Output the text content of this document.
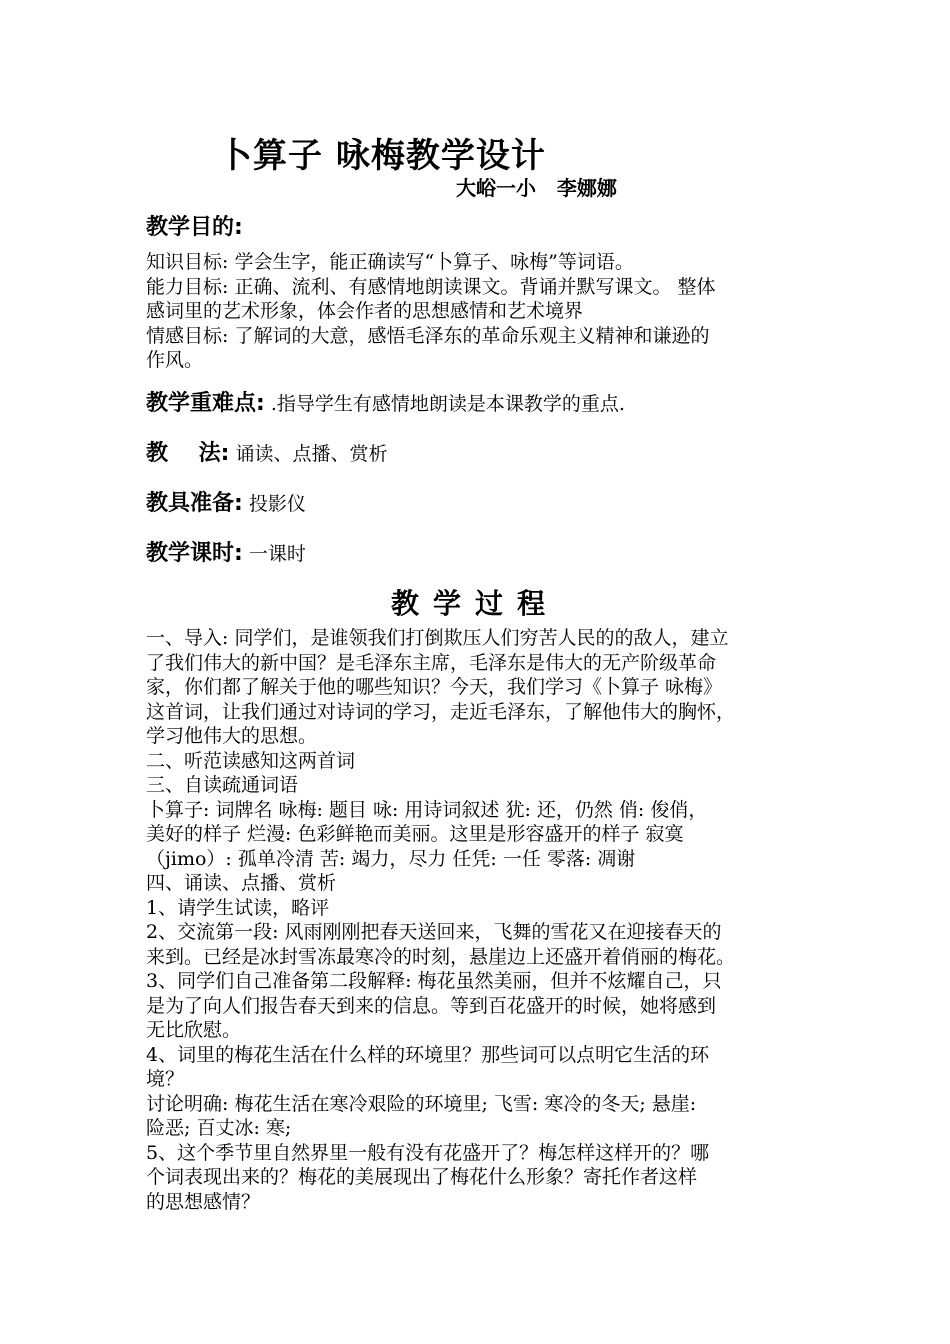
卜算子 咏梅教学设计
大峪一小   李娜娜
教学目的:
知识目标: 学会生字，能正确读写“卜算子、咏梅”等词语。
能力目标: 正确、流利、有感情地朗读课文。背诵并默写课文。 整体
感词里的艺术形象，体会作者的思想感情和艺术境界
情感目标: 了解词的大意，感悟毛泽东的革命乐观主义精神和谦逊的
作风。
教学重难点: .指导学生有感情地朗读是本课教学的重点.
教    法: 诵读、点播、赏析
教具准备: 投影仪
教学课时: 一课时
教学过程
一、导入: 同学们，是谁领我们打倒欺压人们穷苦人民的的敌人，建立
了我们伟大的新中国？是毛泽东主席，毛泽东是伟大的无产阶级革命
家，你们都了解关于他的哪些知识？今天，我们学习《卜算子 咏梅》
这首词，让我们通过对诗词的学习，走近毛泽东，了解他伟大的胸怀，
学习他伟大的思想。
二、听范读感知这两首词
三、自读疏通词语
卜算子: 词牌名 咏梅: 题目 咏: 用诗词叙述 犹: 还，仍然 俏: 俊俏，
美好的样子 烂漫: 色彩鲜艳而美丽。这里是形容盛开的样子 寂寞
（jimo）: 孤单冷清 苦: 竭力，尽力 任凭: 一任 零落: 凋谢
四、诵读、点播、赏析
1、请学生试读，略评
2、交流第一段: 风雨刚刚把春天送回来，飞舞的雪花又在迎接春天的
来到。已经是冰封雪冻最寒冷的时刻，悬崖边上还盛开着俏丽的梅花。
3、同学们自己准备第二段解释: 梅花虽然美丽，但并不炫耀自己，只
是为了向人们报告春天到来的信息。等到百花盛开的时候，她将感到
无比欣慰。
4、词里的梅花生活在什么样的环境里？那些词可以点明它生活的环
境？
讨论明确: 梅花生活在寒冷艰险的环境里; 飞雪: 寒冷的冬天; 悬崖:
险恶; 百丈冰: 寒;
5、这个季节里自然界里一般有没有花盛开了？梅怎样这样开的？哪
个词表现出来的？梅花的美展现出了梅花什么形象？寄托作者这样
的思想感情？
